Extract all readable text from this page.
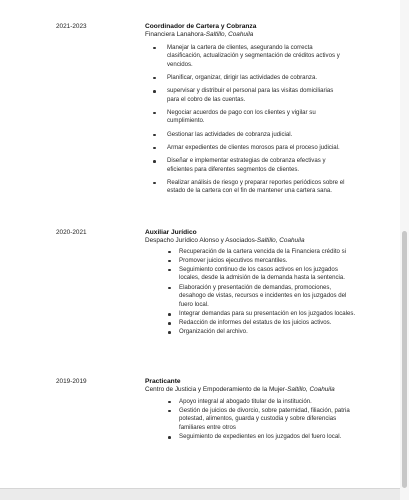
2021-2023	Coordinador de Cartera y Cobranza
Financiera Lanahora-Saltillo, Coahuila
Manejar la cartera de clientes, asegurando la correcta clasificación, actualización y segmentación de créditos activos y vencidos.
Planificar, organizar, dirigir las actividades de cobranza.
supervisar y distribuir el personal para las visitas domiciliarias para el cobro de las cuentas.
Negociar acuerdos de pago con los clientes y vigilar su cumplimiento.
Gestionar las actividades de cobranza judicial.
Armar expedientes de clientes morosos para el proceso judicial.
Diseñar e implementar estrategias de cobranza efectivas y eficientes para diferentes segmentos de clientes.
Realizar análisis de riesgo y preparar reportes periódicos sobre el estado de la cartera con el fin de mantener una cartera sana.
2020-2021	Auxiliar Jurídico
Despacho Jurídico Alonso y Asociados-Saltillo, Coahuila
Recuperación de la cartera vencida de la Financiera crédito si
Promover juicios ejecutivos mercantiles.
Seguimiento continuo de los casos activos en los juzgados locales, desde la admisión de la demanda hasta la sentencia.
Elaboración y presentación de demandas, promociones, desahogo de vistas, recursos e incidentes en los juzgados del fuero local.
Integrar demandas para su presentación en los juzgados locales.
Redacción de informes del estatus de los juicios activos.
Organización del archivo.
2019-2019	Practicante
Centro de Justicia y Empoderamiento de la Mujer-Saltillo, Coahuila
Apoyo integral al abogado titular de la institución.
Gestión de juicios de divorcio, sobre paternidad, filiación, patria potestad, alimentos, guarda y custodia y sobre diferencias familiares entre otros
Seguimiento de expedientes en los juzgados del fuero local.
